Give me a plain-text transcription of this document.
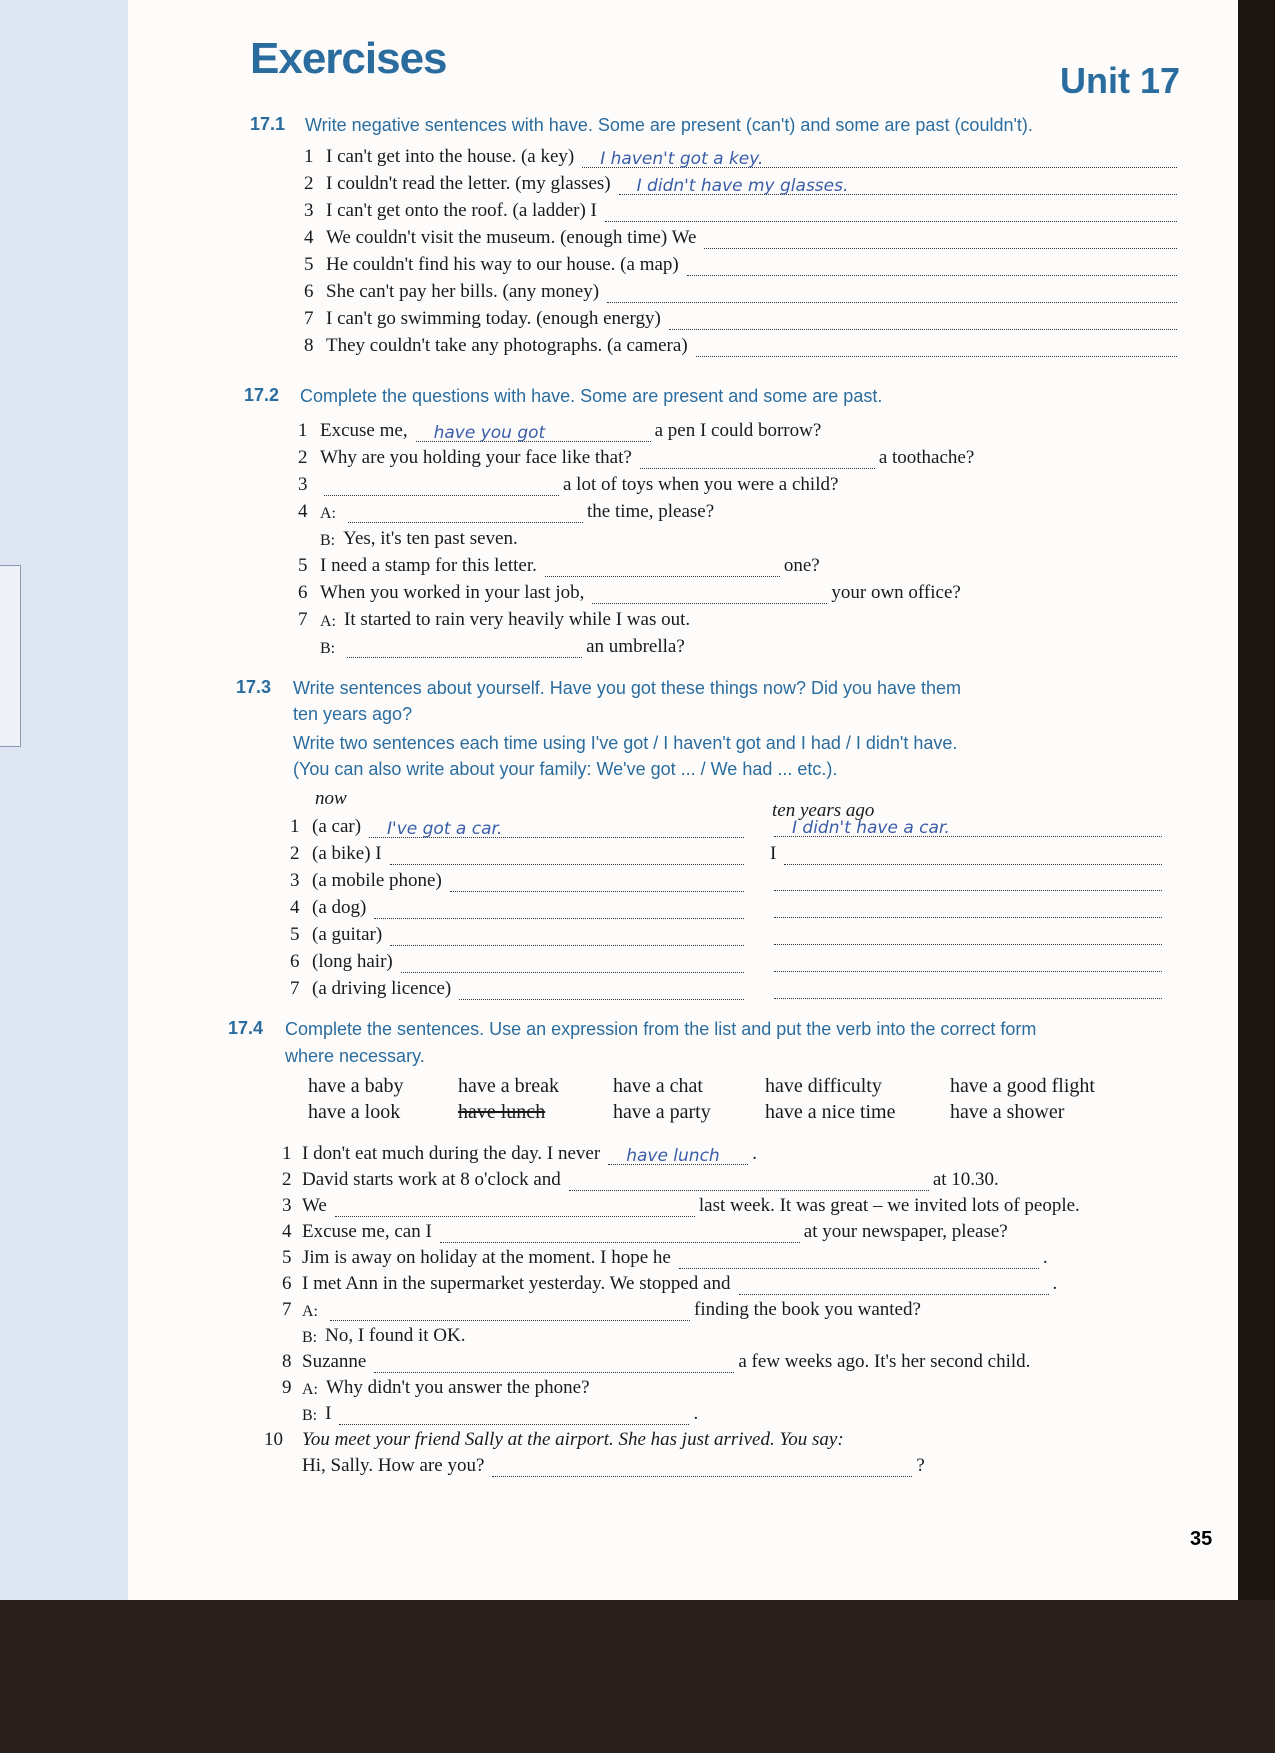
Exercises	Unit 17
17.1 Write negative sentences with have. Some are present (can't) and some are past (couldn't).
1 I can't get into the house. (a key) I haven't got a key.
2 I couldn't read the letter. (my glasses) I didn't have my glasses.
3 I can't get onto the roof. (a ladder) I
4 We couldn't visit the museum. (enough time) We
5 He couldn't find his way to our house. (a map)
6 She can't pay her bills. (any money)
7 I can't go swimming today. (enough energy)
8 They couldn't take any photographs. (a camera)
17.2 Complete the questions with have. Some are present and some are past.
1 Excuse me, have you got	a pen I could borrow?
2 Why are you holding your face like that?	a toothache?
3	a lot of toys when you were a child?
4 A:	the time, please?
B: Yes, it's ten past seven.
5 I need a stamp for this letter.	one?
6 When you worked in your last job,	your own office?
7 A: It started to rain very heavily while I was out.
B:	an umbrella?
17.3 Write sentences about yourself. Have you got these things now? Did you have them
ten years ago?
Write two sentences each time using I've got / I haven't got and I had / I didn't have.
(You can also write about your family: We've got ... / We had ... etc.).
now
ten years ago
1 (a car) I've got a car.	I didn't have a car.
2 (a bike) I	I
3 (a mobile phone)
4 (a dog)
5 (a guitar)
6 (long hair)
7 (a driving licence)
17.4 Complete the sentences. Use an expression from the list and put the verb into the correct form
where necessary.
have a baby	have a break	have a chat	have difficulty	have a good flight
have a look	have lunch	have a party	have a nice time	have a shower
1 I don't eat much during the day. I never have lunch .
2 David starts work at 8 o'clock and	at 10.30.
3 We	last week. It was great – we invited lots of people.
4 Excuse me, can I	at your newspaper, please?
5 Jim is away on holiday at the moment. I hope he	.
6 I met Ann in the supermarket yesterday. We stopped and	.
7 A:	finding the book you wanted?
B: No, I found it OK.
8 Suzanne	a few weeks ago. It's her second child.
9 A: Why didn't you answer the phone?
B: I	.
10 You meet your friend Sally at the airport. She has just arrived. You say:
Hi, Sally. How are you?	?
35
